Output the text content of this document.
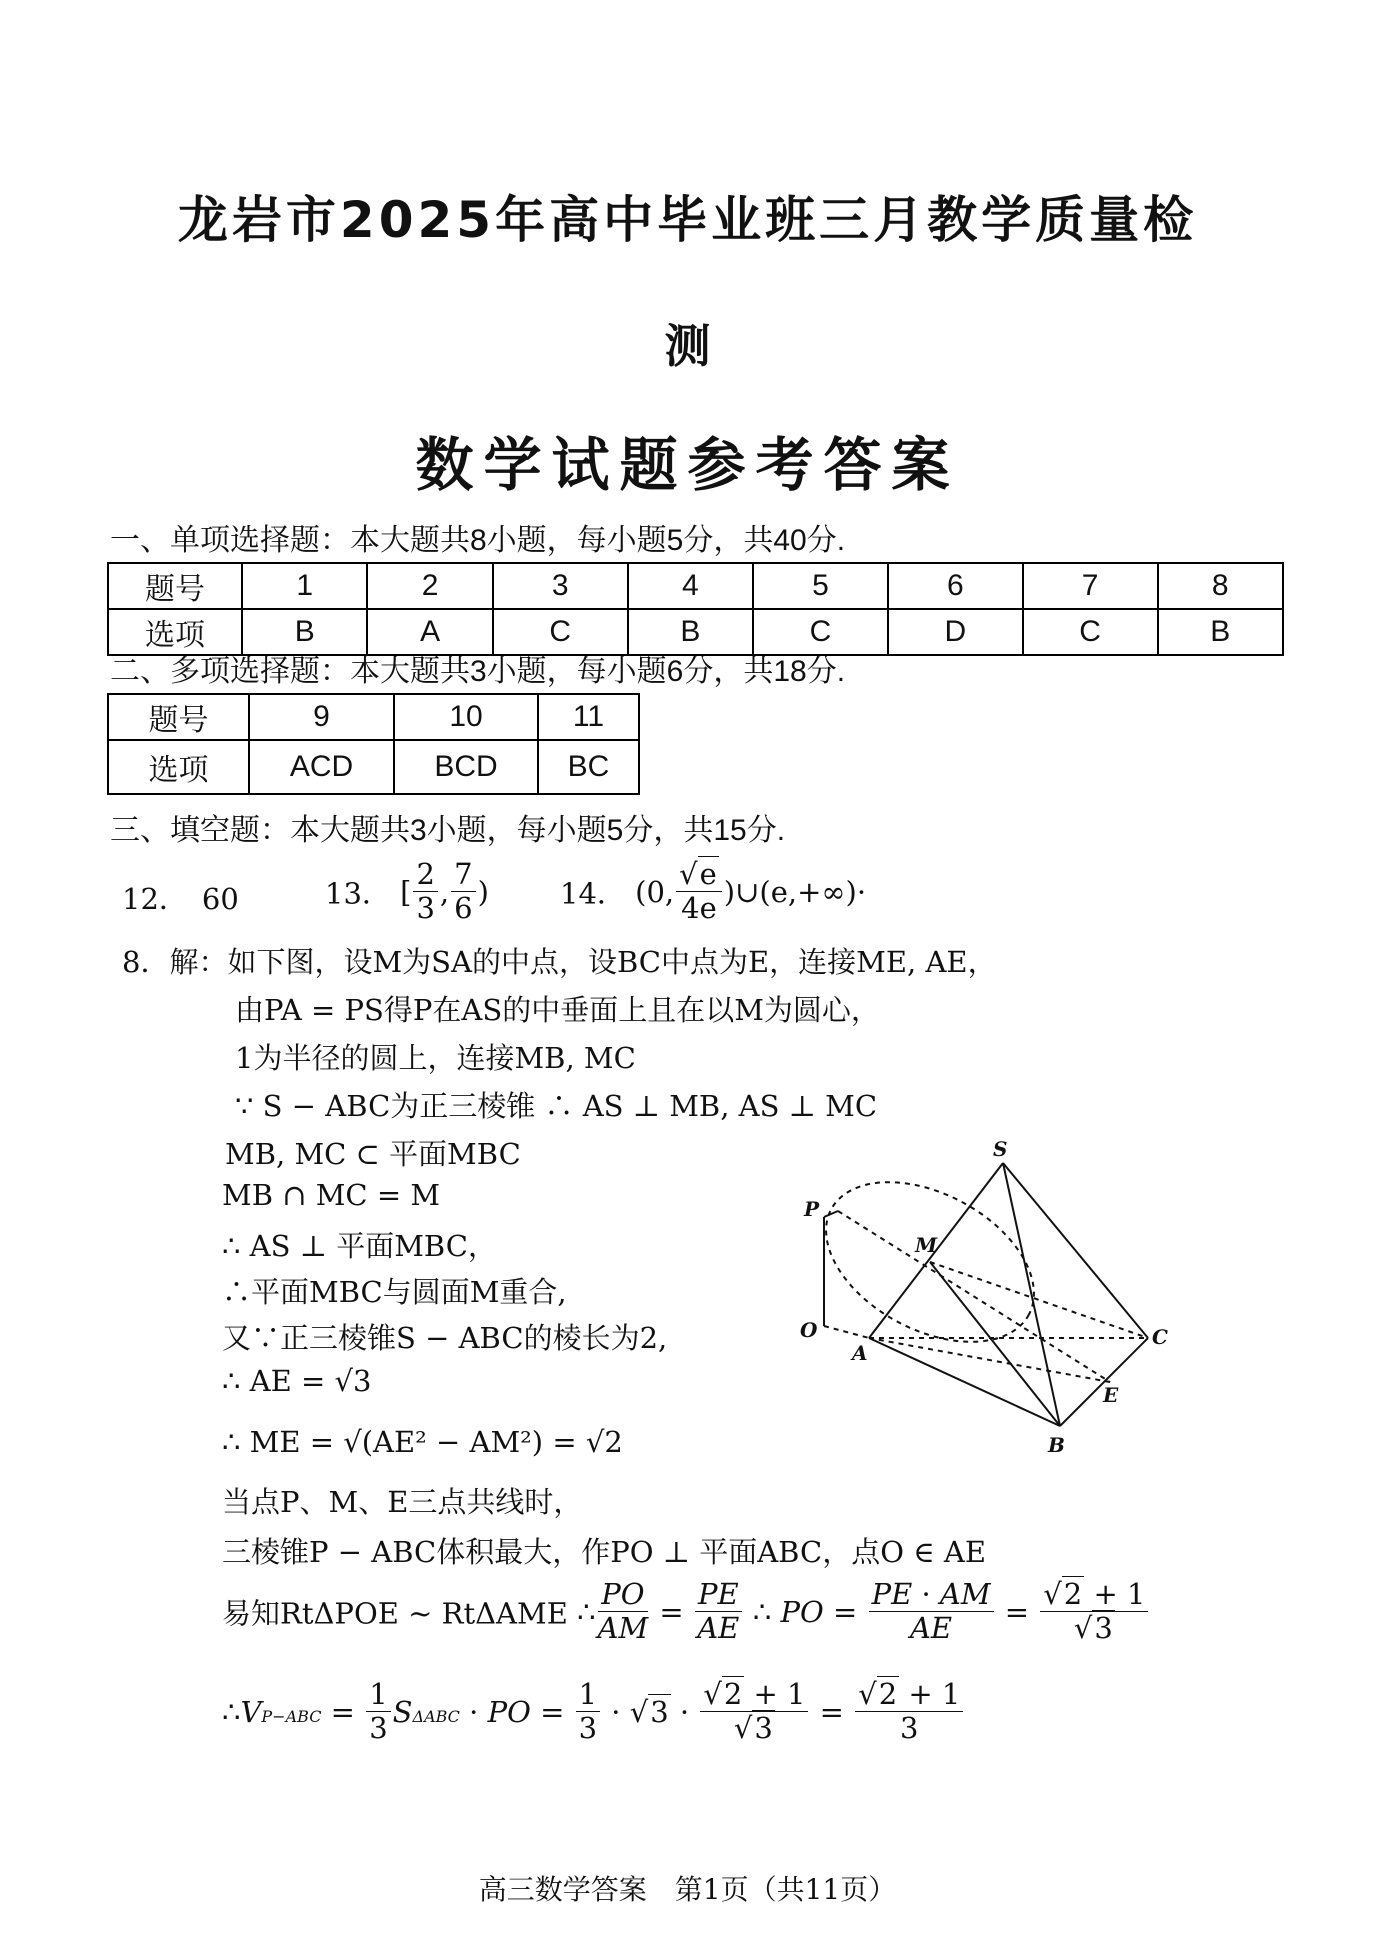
龙岩市2025年高中毕业班三月教学质量检
测
数学试题参考答案
一、单项选择题：本大题共8小题，每小题5分，共40分.
题号	1	2	3	4	5	6	7	8
选项	B	A	C	B	C	D	C	B
二、多项选择题：本大题共3小题，每小题6分，共18分.
题号	9	10	11
选项	ACD	BCD	BC
三、填空题：本大题共3小题，每小题5分，共15分.
12． 60	13． [ $\frac{2}{3}$ , $\frac{7}{6}$ ) 14． (0, $\frac{√e}{4e}$ )∪(e,+∞)·
8．解：如下图，设M为SA的中点，设BC中点为E，连接ME, AE，
由PA = PS得P在AS的中垂面上且在以M为圆心，
1为半径的圆上，连接MB, MC
∵ S − ABC为正三棱锥 ∴ AS ⊥ MB, AS ⊥ MC
MB, MC ⊂ 平面MBC
MB ∩ MC = M
∴ AS ⊥ 平面MBC，
∴平面MBC与圆面M重合,
又∵正三棱锥S − ABC的棱长为2,
∴ AE = √3
∴ ME = √(AE² − AM²) = √2
当点P、M、E三点共线时，
三棱锥P − ABC体积最大，作PO ⊥ 平面ABC，点O ∈ AE
易知RtΔPOE ~ RtΔAME ∴ $\frac{PO}{AM} = \frac{PE}{AE}$ ∴ PO = $\frac{PE \cdot AM}{AE} = \frac{√2 + 1}{√3}$
∴VP−ABC = $\frac{1}{3}$ SΔABC · PO = $\frac{1}{3} \cdot √3 \cdot \frac{√2 + 1}{√3} = \frac{√2 + 1}{3}$
S
P
M
O
A
C
E
B
高三数学答案　第1页（共11页）
